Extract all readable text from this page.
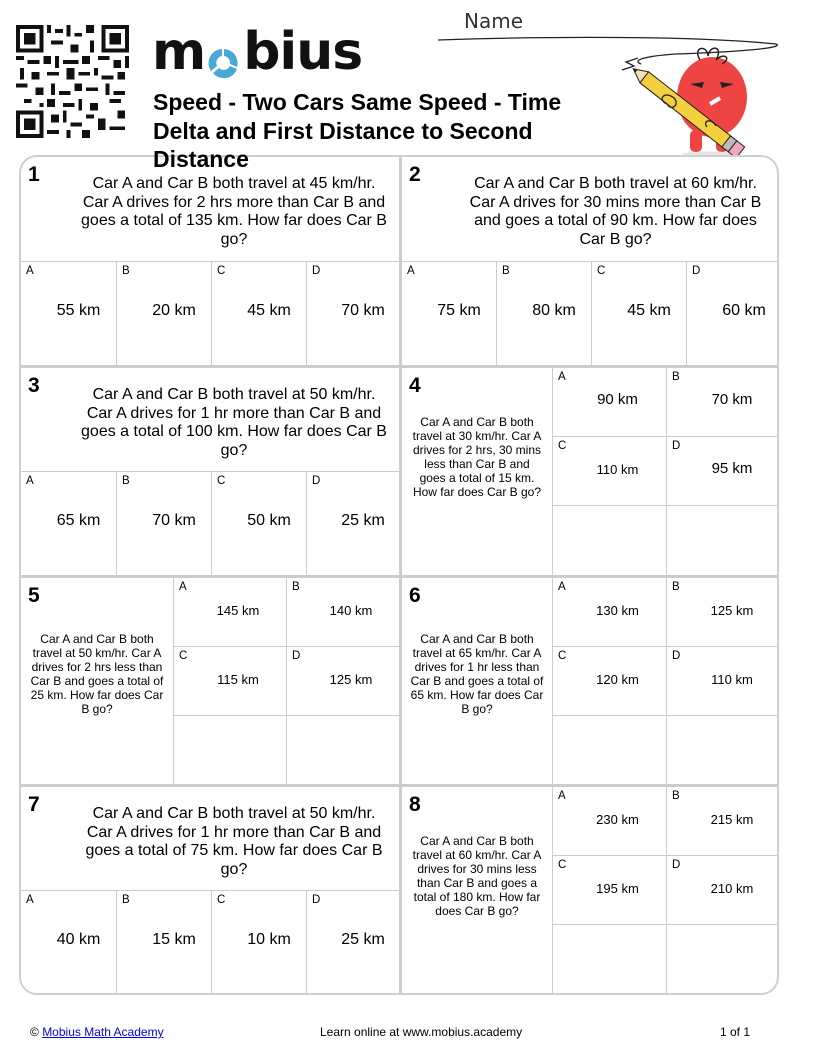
m bius
Speed - Two Cars Same Speed - Time Delta and First Distance to Second Distance
Name
1	Car A and Car B both travel at 45 km/hr. Car A drives for 2 hrs more than Car B and goes a total of 135 km. How far does Car B go?
A
55 km
B
20 km
C
45 km
D
70 km
2	Car A and Car B both travel at 60 km/hr. Car A drives for 30 mins more than Car B and goes a total of 90 km. How far does Car B go?
A
75 km
B
80 km
C
45 km
D
60 km
3	Car A and Car B both travel at 50 km/hr. Car A drives for 1 hr more than Car B and goes a total of 100 km. How far does Car B go?
A
65 km
B
70 km
C
50 km
D
25 km
4
Car A and Car B both travel at 30 km/hr. Car A drives for 2 hrs, 30 mins less than Car B and goes a total of 15 km. How far does Car B go?
A
90 km
B
70 km
C
110 km
D
95 km
5
Car A and Car B both travel at 50 km/hr. Car A drives for 2 hrs less than Car B and goes a total of 25 km. How far does Car B go?
A
145 km
B
140 km
C
115 km
D
125 km
6
Car A and Car B both travel at 65 km/hr. Car A drives for 1 hr less than Car B and goes a total of 65 km. How far does Car B go?
A
130 km
B
125 km
C
120 km
D
110 km
7	Car A and Car B both travel at 50 km/hr. Car A drives for 1 hr more than Car B and goes a total of 75 km. How far does Car B go?
A
40 km
B
15 km
C
10 km
D
25 km
8
Car A and Car B both travel at 60 km/hr. Car A drives for 30 mins less than Car B and goes a total of 180 km. How far does Car B go?
A
230 km
B
215 km
C
195 km
D
210 km
© Mobius Math Academy	Learn online at www.mobius.academy	1 of 1
